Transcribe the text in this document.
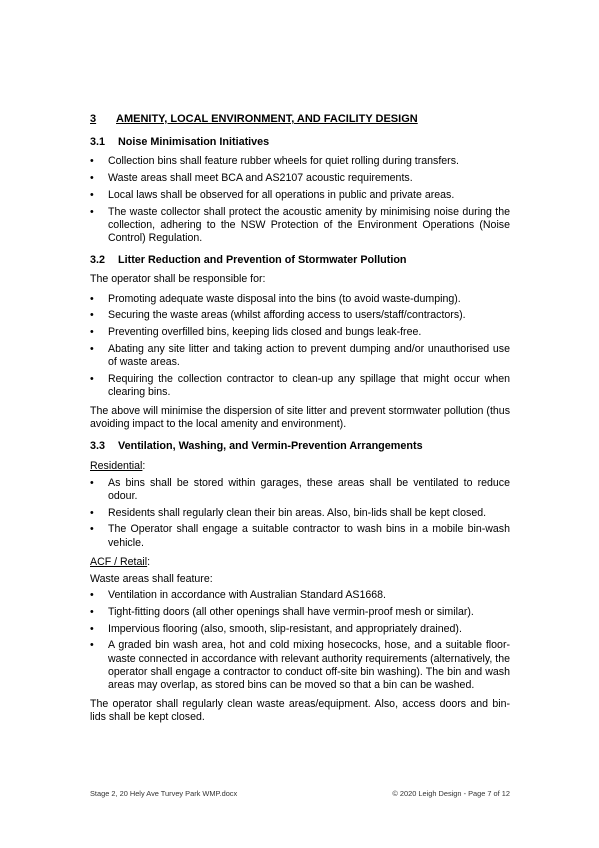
3	AMENITY, LOCAL ENVIRONMENT, AND FACILITY DESIGN
3.1	Noise Minimisation Initiatives
•	Collection bins shall feature rubber wheels for quiet rolling during transfers.
•	Waste areas shall meet BCA and AS2107 acoustic requirements.
•	Local laws shall be observed for all operations in public and private areas.
•	The waste collector shall protect the acoustic amenity by minimising noise during the collection, adhering to the NSW Protection of the Environment Operations (Noise Control) Regulation.
3.2	Litter Reduction and Prevention of Stormwater Pollution
The operator shall be responsible for:
•	Promoting adequate waste disposal into the bins (to avoid waste-dumping).
•	Securing the waste areas (whilst affording access to users/staff/contractors).
•	Preventing overfilled bins, keeping lids closed and bungs leak-free.
•	Abating any site litter and taking action to prevent dumping and/or unauthorised use of waste areas.
•	Requiring the collection contractor to clean-up any spillage that might occur when clearing bins.
The above will minimise the dispersion of site litter and prevent stormwater pollution (thus avoiding impact to the local amenity and environment).
3.3	Ventilation, Washing, and Vermin-Prevention Arrangements
Residential:
•	As bins shall be stored within garages, these areas shall be ventilated to reduce odour.
•	Residents shall regularly clean their bin areas. Also, bin-lids shall be kept closed.
•	The Operator shall engage a suitable contractor to wash bins in a mobile bin-wash vehicle.
ACF / Retail:
Waste areas shall feature:
•	Ventilation in accordance with Australian Standard AS1668.
•	Tight-fitting doors (all other openings shall have vermin-proof mesh or similar).
•	Impervious flooring (also, smooth, slip-resistant, and appropriately drained).
•	A graded bin wash area, hot and cold mixing hosecocks, hose, and a suitable floor-waste connected in accordance with relevant authority requirements (alternatively, the operator shall engage a contractor to conduct off-site bin washing). The bin and wash areas may overlap, as stored bins can be moved so that a bin can be washed.
The operator shall regularly clean waste areas/equipment. Also, access doors and bin-lids shall be kept closed.
Stage 2, 20 Hely Ave Turvey Park WMP.docx	© 2020 Leigh Design - Page 7 of 12
